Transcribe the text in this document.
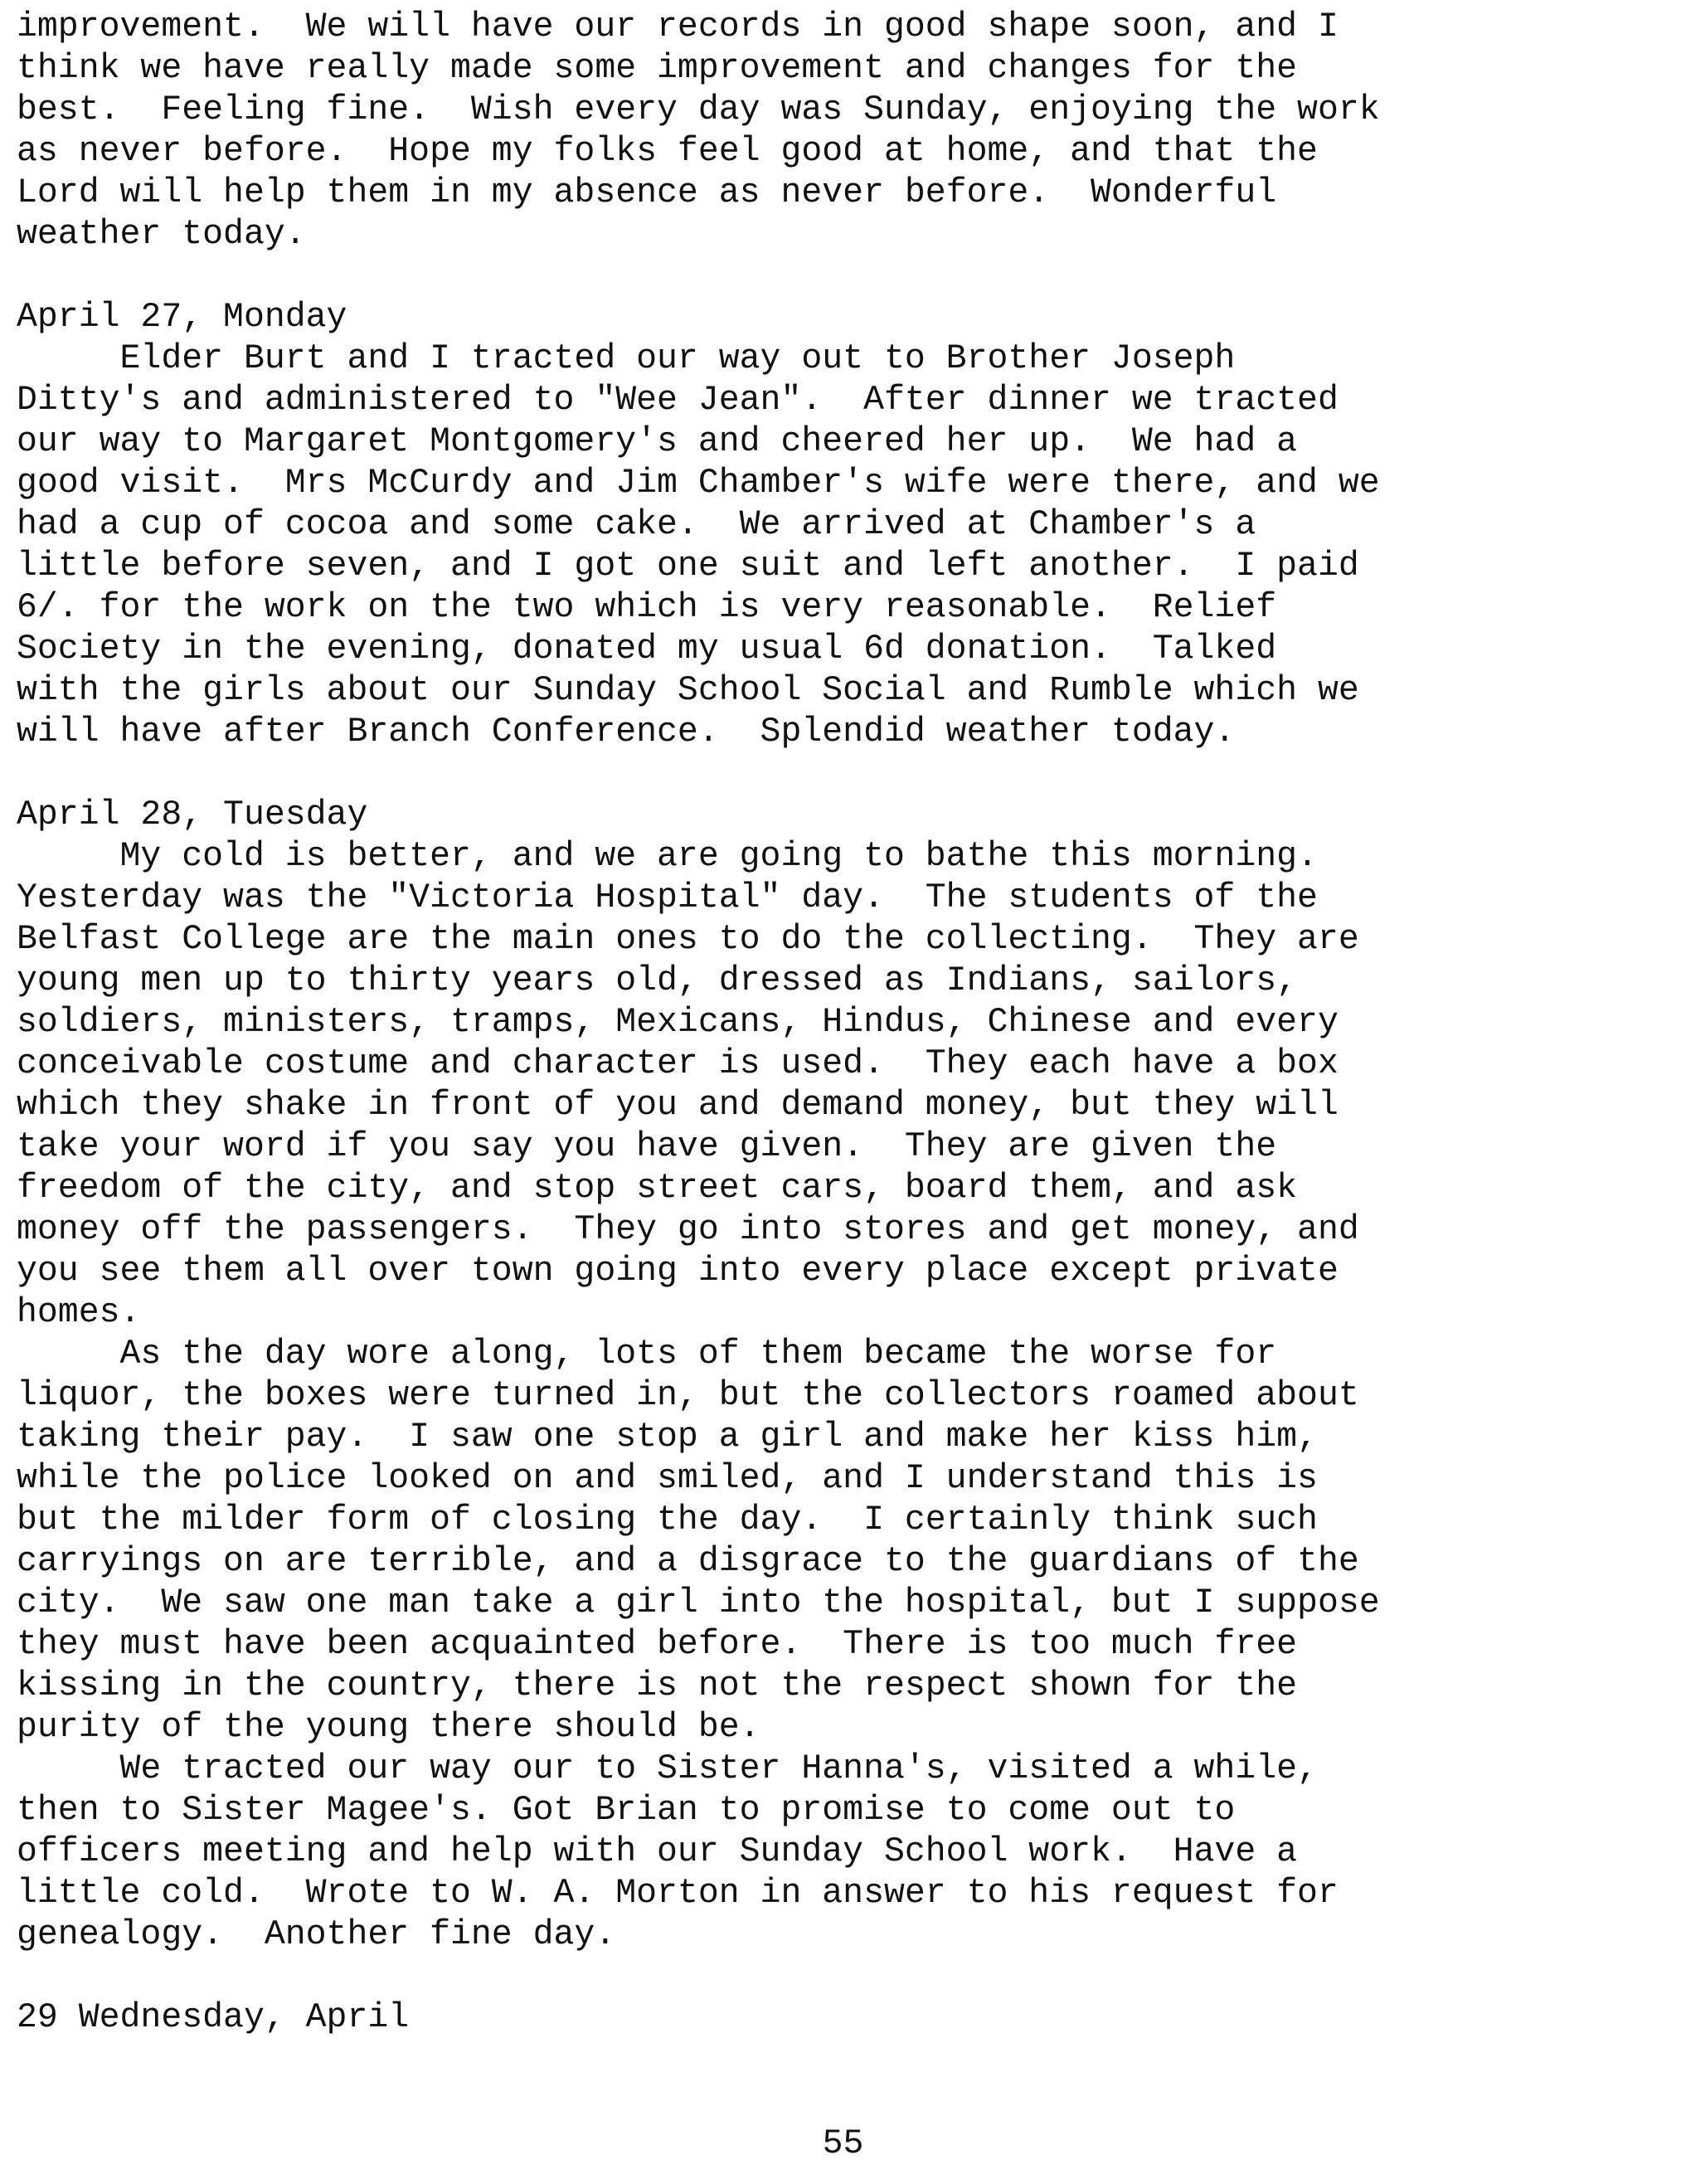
improvement.  We will have our records in good shape soon, and I
think we have really made some improvement and changes for the
best.  Feeling fine.  Wish every day was Sunday, enjoying the work
as never before.  Hope my folks feel good at home, and that the
Lord will help them in my absence as never before.  Wonderful
weather today.
April 27, Monday
Elder Burt and I tracted our way out to Brother Joseph
Ditty's and administered to "Wee Jean".  After dinner we tracted
our way to Margaret Montgomery's and cheered her up.  We had a
good visit.  Mrs McCurdy and Jim Chamber's wife were there, and we
had a cup of cocoa and some cake.  We arrived at Chamber's a
little before seven, and I got one suit and left another.  I paid
6/. for the work on the two which is very reasonable.  Relief
Society in the evening, donated my usual 6d donation.  Talked
with the girls about our Sunday School Social and Rumble which we
will have after Branch Conference.  Splendid weather today.
April 28, Tuesday
My cold is better, and we are going to bathe this morning.
Yesterday was the "Victoria Hospital" day.  The students of the
Belfast College are the main ones to do the collecting.  They are
young men up to thirty years old, dressed as Indians, sailors,
soldiers, ministers, tramps, Mexicans, Hindus, Chinese and every
conceivable costume and character is used.  They each have a box
which they shake in front of you and demand money, but they will
take your word if you say you have given.  They are given the
freedom of the city, and stop street cars, board them, and ask
money off the passengers.  They go into stores and get money, and
you see them all over town going into every place except private
homes.
As the day wore along, lots of them became the worse for
liquor, the boxes were turned in, but the collectors roamed about
taking their pay.  I saw one stop a girl and make her kiss him,
while the police looked on and smiled, and I understand this is
but the milder form of closing the day.  I certainly think such
carryings on are terrible, and a disgrace to the guardians of the
city.  We saw one man take a girl into the hospital, but I suppose
they must have been acquainted before.  There is too much free
kissing in the country, there is not the respect shown for the
purity of the young there should be.
We tracted our way our to Sister Hanna's, visited a while,
then to Sister Magee's. Got Brian to promise to come out to
officers meeting and help with our Sunday School work.  Have a
little cold.  Wrote to W. A. Morton in answer to his request for
genealogy.  Another fine day.
29 Wednesday, April
55
